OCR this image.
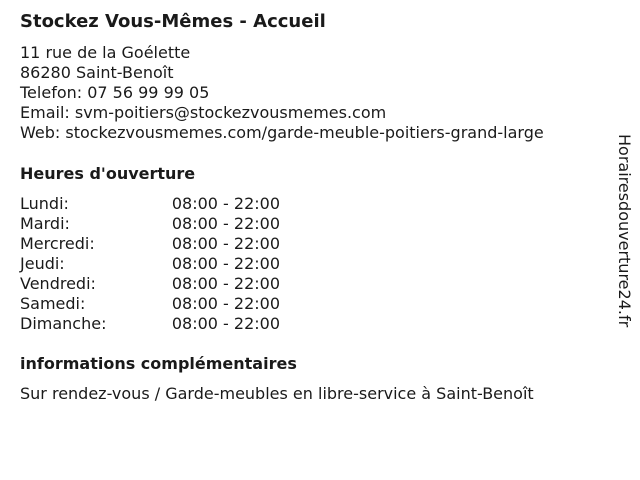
Stockez Vous-Mêmes - Accueil
11 rue de la Goélette
86280 Saint-Benoît
Telefon: 07 56 99 99 05
Email: svm-poitiers@stockezvousmemes.com
Web: stockezvousmemes.com/garde-meuble-poitiers-grand-large
Heures d'ouverture
Lundi:	08:00 - 22:00
Mardi:	08:00 - 22:00
Mercredi:	08:00 - 22:00
Jeudi:	08:00 - 22:00
Vendredi:	08:00 - 22:00
Samedi:	08:00 - 22:00
Dimanche:	08:00 - 22:00
informations complémentaires
Sur rendez-vous / Garde-meubles en libre-service à Saint-Benoît
Horairesdouverture24.fr
